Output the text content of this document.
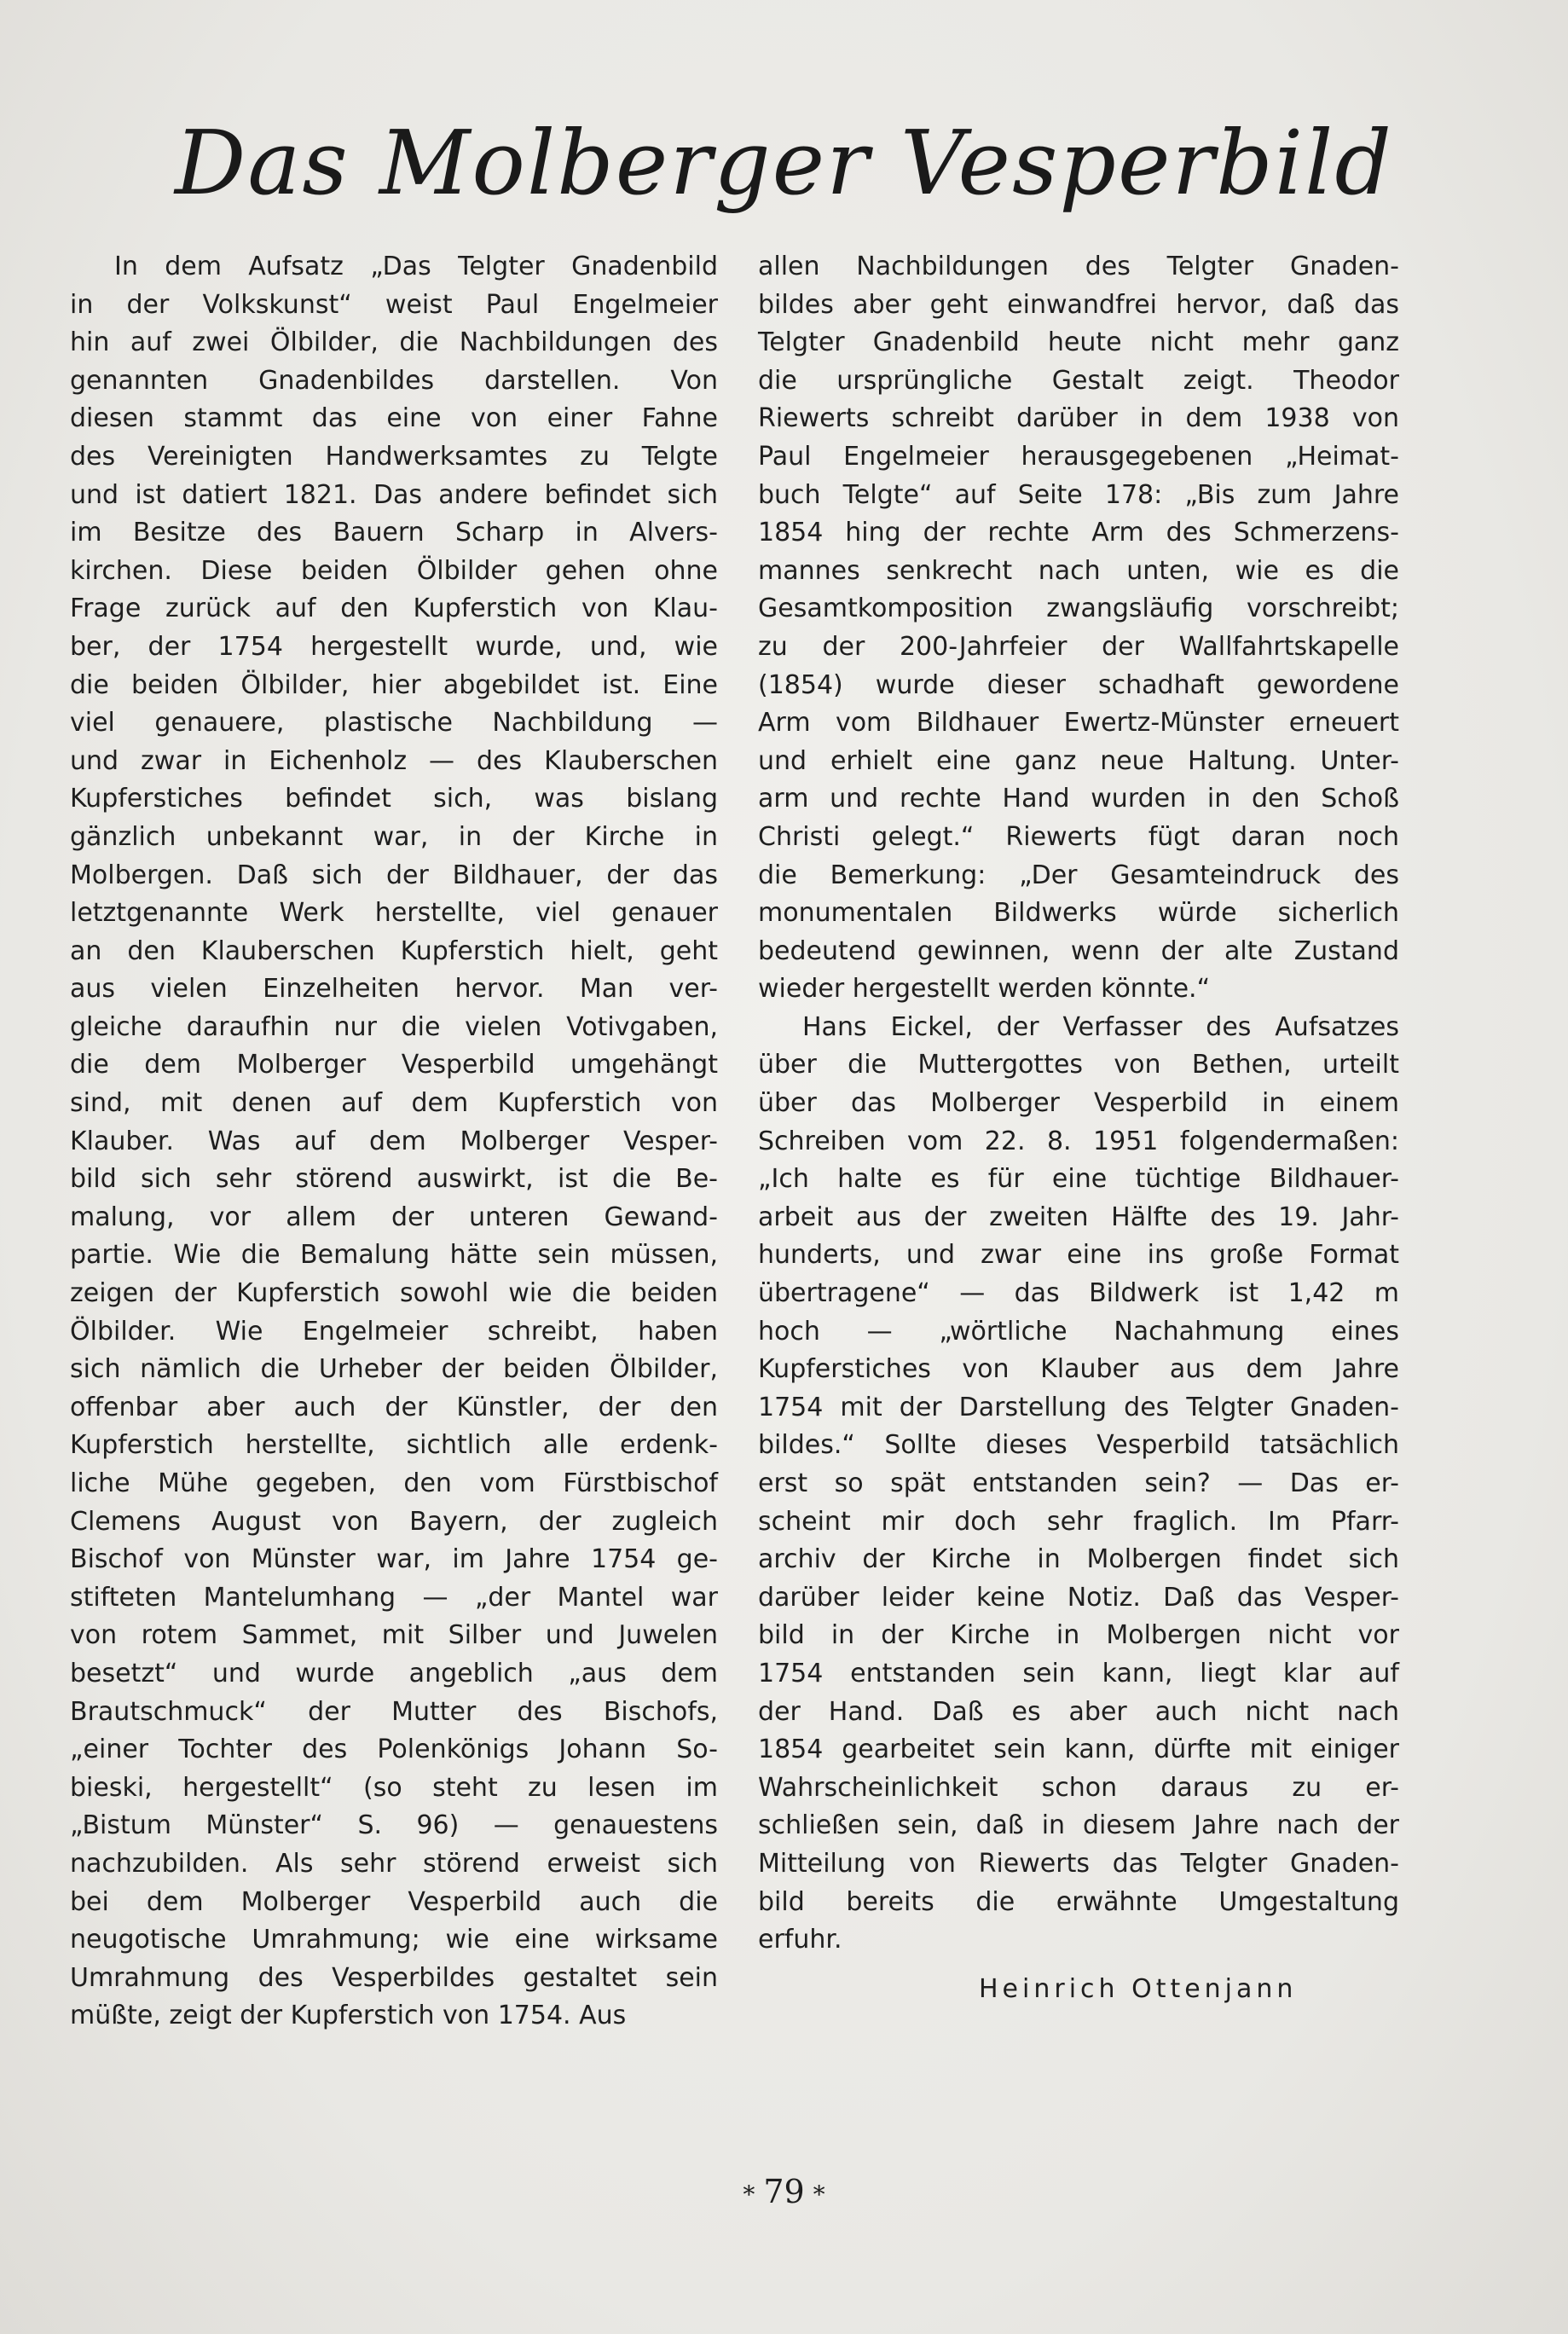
Das Molberger Vesperbild
In dem Aufsatz „Das Telgter Gnadenbild
in der Volkskunst“ weist Paul Engelmeier
hin auf zwei Ölbilder, die Nachbildungen des
genannten Gnadenbildes darstellen. Von
diesen stammt das eine von einer Fahne
des Vereinigten Handwerksamtes zu Telgte
und ist datiert 1821. Das andere befindet sich
im Besitze des Bauern Scharp in Alvers-
kirchen. Diese beiden Ölbilder gehen ohne
Frage zurück auf den Kupferstich von Klau-
ber, der 1754 hergestellt wurde, und, wie
die beiden Ölbilder, hier abgebildet ist. Eine
viel genauere, plastische Nachbildung —
und zwar in Eichenholz — des Klauberschen
Kupferstiches befindet sich, was bislang
gänzlich unbekannt war, in der Kirche in
Molbergen. Daß sich der Bildhauer, der das
letztgenannte Werk herstellte, viel genauer
an den Klauberschen Kupferstich hielt, geht
aus vielen Einzelheiten hervor. Man ver-
gleiche daraufhin nur die vielen Votivgaben,
die dem Molberger Vesperbild umgehängt
sind, mit denen auf dem Kupferstich von
Klauber. Was auf dem Molberger Vesper-
bild sich sehr störend auswirkt, ist die Be-
malung, vor allem der unteren Gewand-
partie. Wie die Bemalung hätte sein müssen,
zeigen der Kupferstich sowohl wie die beiden
Ölbilder. Wie Engelmeier schreibt, haben
sich nämlich die Urheber der beiden Ölbilder,
offenbar aber auch der Künstler, der den
Kupferstich herstellte, sichtlich alle erdenk-
liche Mühe gegeben, den vom Fürstbischof
Clemens August von Bayern, der zugleich
Bischof von Münster war, im Jahre 1754 ge-
stifteten Mantelumhang — „der Mantel war
von rotem Sammet, mit Silber und Juwelen
besetzt“ und wurde angeblich „aus dem
Brautschmuck“ der Mutter des Bischofs,
„einer Tochter des Polenkönigs Johann So-
bieski, hergestellt“ (so steht zu lesen im
„Bistum Münster“ S. 96) — genauestens
nachzubilden. Als sehr störend erweist sich
bei dem Molberger Vesperbild auch die
neugotische Umrahmung; wie eine wirksame
Umrahmung des Vesperbildes gestaltet sein
müßte, zeigt der Kupferstich von 1754. Aus
allen Nachbildungen des Telgter Gnaden-
bildes aber geht einwandfrei hervor, daß das
Telgter Gnadenbild heute nicht mehr ganz
die ursprüngliche Gestalt zeigt. Theodor
Riewerts schreibt darüber in dem 1938 von
Paul Engelmeier herausgegebenen „Heimat-
buch Telgte“ auf Seite 178: „Bis zum Jahre
1854 hing der rechte Arm des Schmerzens-
mannes senkrecht nach unten, wie es die
Gesamtkomposition zwangsläufig vorschreibt;
zu der 200-Jahrfeier der Wallfahrtskapelle
(1854) wurde dieser schadhaft gewordene
Arm vom Bildhauer Ewertz-Münster erneuert
und erhielt eine ganz neue Haltung. Unter-
arm und rechte Hand wurden in den Schoß
Christi gelegt.“ Riewerts fügt daran noch
die Bemerkung: „Der Gesamteindruck des
monumentalen Bildwerks würde sicherlich
bedeutend gewinnen, wenn der alte Zustand
wieder hergestellt werden könnte.“
Hans Eickel, der Verfasser des Aufsatzes
über die Muttergottes von Bethen, urteilt
über das Molberger Vesperbild in einem
Schreiben vom 22. 8. 1951 folgendermaßen:
„Ich halte es für eine tüchtige Bildhauer-
arbeit aus der zweiten Hälfte des 19. Jahr-
hunderts, und zwar eine ins große Format
übertragene“ — das Bildwerk ist 1,42 m
hoch — „wörtliche Nachahmung eines
Kupferstiches von Klauber aus dem Jahre
1754 mit der Darstellung des Telgter Gnaden-
bildes.“ Sollte dieses Vesperbild tatsächlich
erst so spät entstanden sein? — Das er-
scheint mir doch sehr fraglich. Im Pfarr-
archiv der Kirche in Molbergen findet sich
darüber leider keine Notiz. Daß das Vesper-
bild in der Kirche in Molbergen nicht vor
1754 entstanden sein kann, liegt klar auf
der Hand. Daß es aber auch nicht nach
1854 gearbeitet sein kann, dürfte mit einiger
Wahrscheinlichkeit schon daraus zu er-
schließen sein, daß in diesem Jahre nach der
Mitteilung von Riewerts das Telgter Gnaden-
bild bereits die erwähnte Umgestaltung
erfuhr.
Heinrich Ottenjann
* 79 *
